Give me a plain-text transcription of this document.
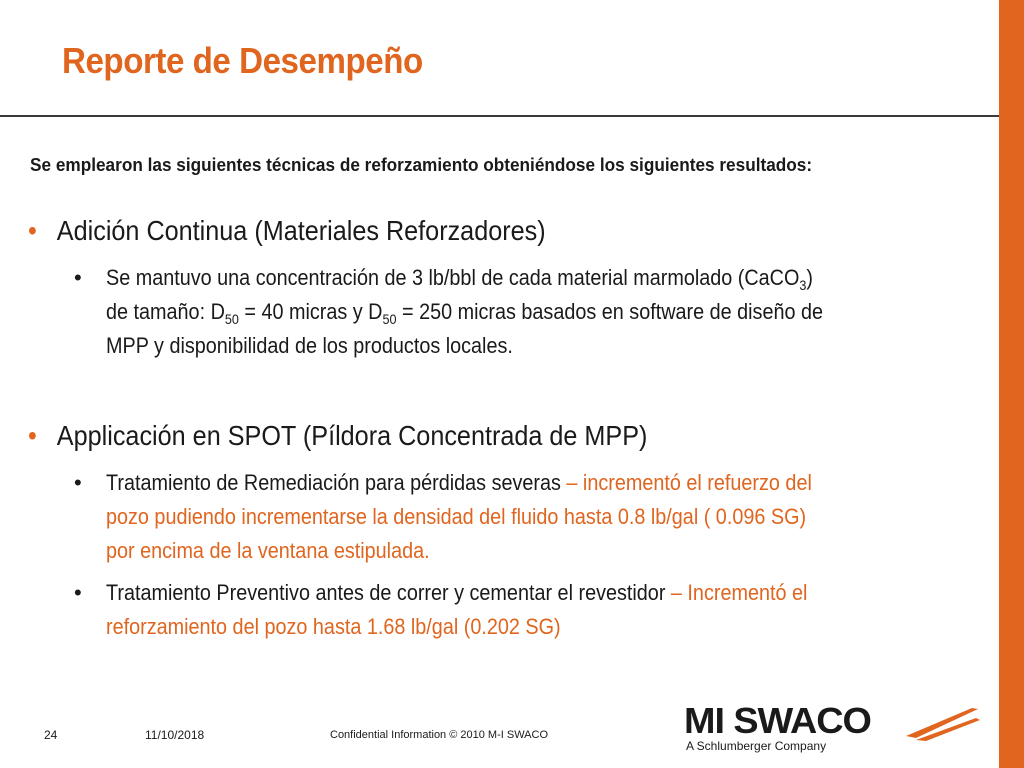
Reporte de Desempeño
Se emplearon las siguientes técnicas de reforzamiento obteniéndose los siguientes resultados:
• Adición Continua (Materiales Reforzadores)
• Se mantuvo una concentración de 3 lb/bbl de cada material marmolado (CaCO$_3$)
de tamaño: $D_{50} = 40$ micras y $D_{50} = 250$ micras basados en software de diseño de
MPP y disponibilidad de los productos locales.
• Applicación en SPOT (Píldora Concentrada de MPP)
• Tratamiento de Remediación para pérdidas severas – incrementó el refuerzo del
pozo pudiendo incrementarse la densidad del fluido hasta 0.8 lb/gal ( 0.096 SG)
por encima de la ventana estipulada.
• Tratamiento Preventivo antes de correr y cementar el revestidor – Incrementó el
reforzamiento del pozo hasta 1.68 lb/gal (0.202 SG)
24	11/10/2018	Confidential Information © 2010 M-I SWACO	MI SWACO
A Schlumberger Company
